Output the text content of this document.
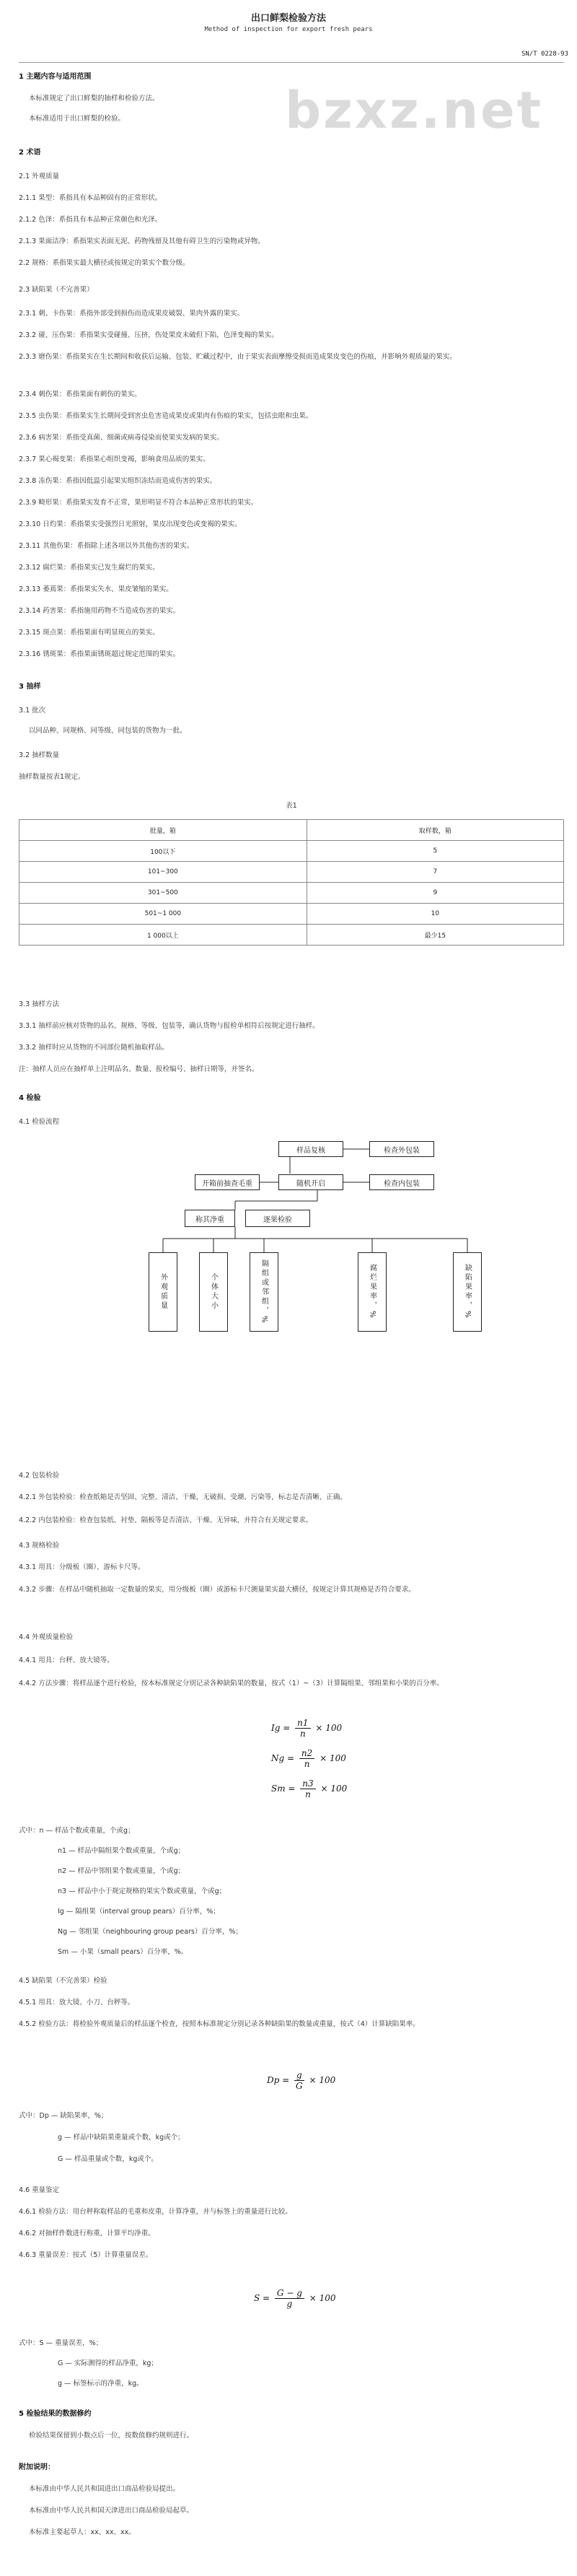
出口鲜梨检验方法
Method of inspection for export fresh pears
SN/T 0228-93
bzxz.net
1 主题内容与适用范围
本标准规定了出口鲜梨的抽样和检验方法。
本标准适用于出口鲜梨的检验。
2 术语
2.1 外观质量
2.1.1 果型：系指具有本品种固有的正常形状。
2.1.2 色泽：系指具有本品种正常颜色和光泽。
2.1.3 果面洁净：系指果实表面无泥、药物残留及其他有碍卫生的污染物或异物。
2.2 规格：系指果实最大横径或按规定的果实个数分级。
2.3 缺陷果（不完善果）
2.3.1 刺、卡伤果：系指外部受到损伤而造成果皮破裂、果肉外露的果实。
2.3.2 碰、压伤果：系指果实受碰撞、压挤，伤处果皮未破但下陷，色泽变褐的果实。
2.3.3 磨伤果：系指果实在生长期间和收获后运输、包装、贮藏过程中，由于果实表面摩擦受损而造成果皮变色的伤痕，并影响外观质量的果实。
2.3.4 刺伤果：系指果面有刺伤的果实。
2.3.5 虫伤果：系指果实生长期间受到害虫危害造成果皮或果肉有伤痕的果实，包括虫眼和虫果。
2.3.6 病害果：系指受真菌、细菌或病毒侵染而使果实发病的果实。
2.3.7 果心褐变果：系指果心组织变褐，影响食用品质的果实。
2.3.8 冻伤果：系指因低温引起果实组织冻结而造成伤害的果实。
2.3.9 畸形果：系指果实发育不正常，果形明显不符合本品种正常形状的果实。
2.3.10 日灼果：系指果实受强烈日光照射，果皮出现变色或变褐的果实。
2.3.11 其他伤果：系指除上述各项以外其他伤害的果实。
2.3.12 腐烂果：系指果实已发生腐烂的果实。
2.3.13 萎蔫果：系指果实失水、果皮皱缩的果实。
2.3.14 药害果：系指施用药物不当造成伤害的果实。
2.3.15 斑点果：系指果面有明显斑点的果实。
2.3.16 锈斑果：系指果面锈斑超过规定范围的果实。
3 抽样
3.1 批次
以同品种、同规格、同等级、同包装的货物为一批。
3.2 抽样数量
抽样数量按表1规定。
表1
批量，箱	取样数，箱
100以下	5
101~300	7
301~500	9
501~1 000	10
1 000以上	最少15
3.3 抽样方法
3.3.1 抽样前应核对货物的品名、规格、等级、包装等，确认货物与报检单相符后按规定进行抽样。
3.3.2 抽样时应从货物的不同部位随机抽取样品。
注：抽样人员应在抽样单上注明品名、数量、报检编号、抽样日期等，并签名。
4 检验
4.1 检验流程
样品复核	检查外包装
开箱前抽查毛重	随机开启	检查内包装
称其净重	逐果检验
外观质量	个体大小	隔组或邻组，%	腐烂果率，%	缺陷果率，%
4.2 包装检验
4.2.1 外包装检验：检查纸箱是否坚固、完整、清洁、干燥，无破损、受潮、污染等，标志是否清晰、正确。
4.2.2 内包装检验：检查包装纸、衬垫、隔板等是否清洁、干燥、无异味，并符合有关规定要求。
4.3 规格检验
4.3.1 用具：分级板（圈）、游标卡尺等。
4.3.2 步骤：在样品中随机抽取一定数量的果实，用分级板（圈）或游标卡尺测量果实最大横径，按规定计算其规格是否符合要求。
4.4 外观质量检验
4.4.1 用具：台秤、放大镜等。
4.4.2 方法步骤：将样品逐个进行检验，按本标准规定分别记录各种缺陷果的数量，按式（1）~（3）计算隔组果、邻组果和小果的百分率。
$Ig = \frac{n1}{n} \times 100$
$Ng = \frac{n2}{n} \times 100$
$Sm = \frac{n3}{n} \times 100$
式中：n — 样品个数或重量，个或g；
n1 — 样品中隔组果个数或重量，个或g；
n2 — 样品中邻组果个数或重量，个或g；
n3 — 样品中小于规定规格的果实个数或重量，个或g；
Ig — 隔组果（interval group pears）百分率，%；
Ng — 邻组果（neighbouring group pears）百分率，%；
Sm — 小果（small pears）百分率，%。
4.5 缺陷果（不完善果）检验
4.5.1 用具：放大镜、小刀、台秤等。
4.5.2 检验方法：将检验外观质量后的样品逐个检查，按照本标准规定分别记录各种缺陷果的数量或重量，按式（4）计算缺陷果率。
$Dp = \frac{g}{G} \times 100$
式中：Dp — 缺陷果率，%；
g — 样品中缺陷果重量或个数，kg或个；
G — 样品重量或个数，kg或个。
4.6 重量鉴定
4.6.1 检验方法：用台秤称取样品的毛重和皮重，计算净重，并与标签上的重量进行比较。
4.6.2 对抽样件数进行称重，计算平均净重。
4.6.3 重量误差：按式（5）计算重量误差。
$S = \frac{G - g}{g} \times 100$
式中：S — 重量误差，%；
G — 实际测得的样品净重，kg；
g — 标签标示的净重，kg。
5 检验结果的数据修约
检验结果保留到小数点后一位，按数值修约规则进行。
附加说明：
本标准由中华人民共和国进出口商品检验局提出。
本标准由中华人民共和国天津进出口商品检验局起草。
本标准主要起草人：xx、xx、xx。
